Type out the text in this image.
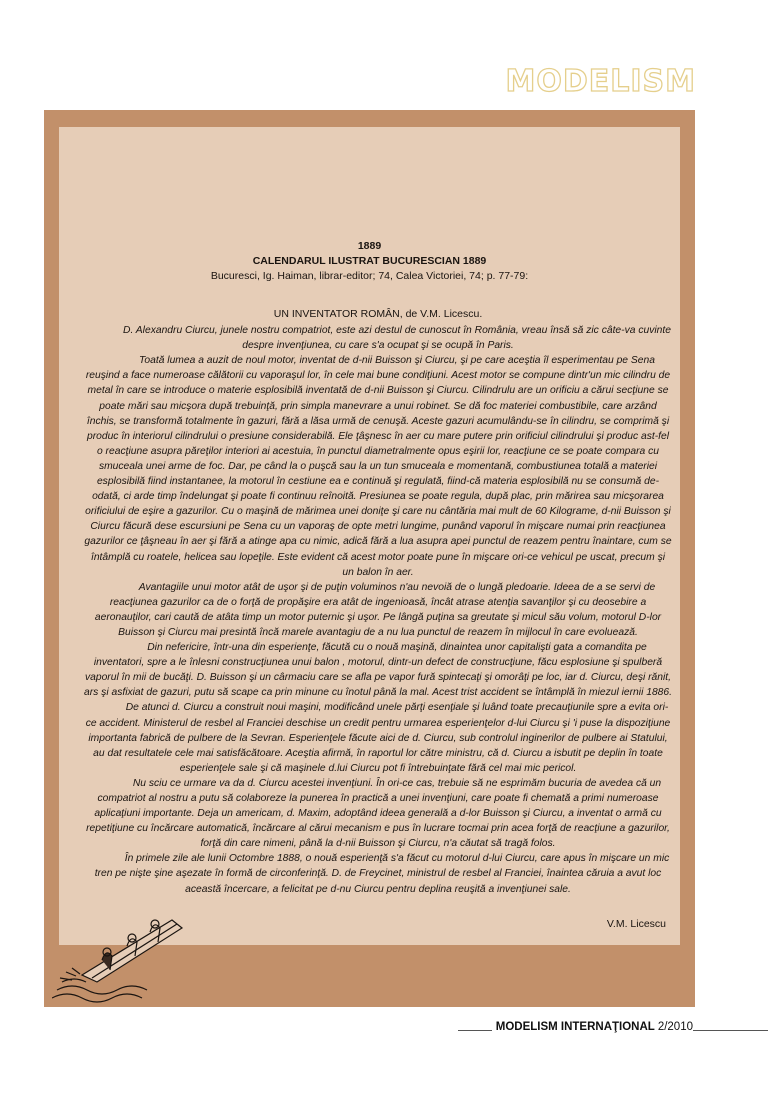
MODELISM
1889
CALENDARUL ILUSTRAT BUCURESCIAN 1889
Bucuresci, Ig. Haiman, librar-editor; 74, Calea Victoriei, 74; p. 77-79:
UN INVENTATOR ROMÂN, de V.M. Licescu.

D. Alexandru Ciurcu, junele nostru compatriot, este azi destul de cunoscut în România, vreau însă să zic câte-va cuvinte despre invenţiunea, cu care s'a ocupat şi se ocupă în Paris.

Toată lumea a auzit de noul motor, inventat de d-nii Buisson şi Ciurcu, şi pe care aceştia îl esperimentau pe Sena reuşind a face numeroase călătorii cu vaporaşul lor, în cele mai bune condiţiuni. Acest motor se compune dintr'un mic cilindru de metal în care se introduce o materie esplosibilă inventată de d-nii Buisson şi Ciurcu. Cilindrulu are un orificiu a cărui secţiune se poate mări sau micşora după trebuinţă, prin simpla manevrare a unui robinet. Se dă foc materiei combustibile, care arzând închis, se transformă totalmente în gazuri, fără a lăsa urmă de cenuşă. Aceste gazuri acumulându-se în cilindru, se comprimă şi produc în interiorul cilindrului o presiune considerabilă. Ele ţâşnesc în aer cu mare putere prin orificiul cilindrului şi produc ast-fel o reacţiune asupra păreţilor interiori ai acestuia, în punctul diametralmente opus eşirii lor, reacţiune ce se poate compara cu smuceala unei arme de foc. Dar, pe când la o puşcă sau la un tun smuceala e momentană, combustiunea totală a materiei esplosibilă fiind instantanee, la motorul în cestiune ea e continuă şi regulată, fiind-că materia esplosibilă nu se consumă de-odată, ci arde timp îndelungat şi poate fi continuu reînoită. Presiunea se poate regula, după plac, prin mărirea sau micşorarea orificiului de eşire a gazurilor. Cu o maşină de mărimea unei doniţe şi care nu cântăria mai mult de 60 Kilograme, d-nii Buisson şi Ciurcu făcură dese escursiuni pe Sena cu un vaporaş de opte metri lungime, punând vaporul în mişcare numai prin reacţiunea gazurilor ce ţâşneau în aer şi fără a atinge apa cu nimic, adică fără a lua asupra apei punctul de reazem pentru înaintare, cum se întâmplă cu roatele, helicea sau lopeţile. Este evident că acest motor poate pune în mişcare ori-ce vehicul pe uscat, precum şi un balon în aer.

Avantagiile unui motor atât de uşor şi de puţin voluminos n'au nevoiă de o lungă pledoarie. Ideea de a se servi de reacţiunea gazurilor ca de o forţă de propăşire era atât de ingenioasă, încât atrase atenţia savanţilor şi cu deosebire a aeronauţilor, cari caută de atâta timp un motor puternic şi uşor. Pe lângă puţina sa greutate şi micul său volum, motorul D-lor Buisson şi Ciurcu mai presintă încă marele avantagiu de a nu lua punctul de reazem în mijlocul în care evoluează.

Din nefericire, într-una din esperienţe, făcută cu o nouă maşină, dinaintea unor capitalişti gata a comandita pe inventatori, spre a le înlesni construcţiunea unui balon , motorul, dintr-un defect de construcţiune, făcu esplosiune şi spulberă vaporul în mii de bucăţi. D. Buisson şi un cârmaciu care se afla pe vapor fură spintecaţi şi omorâţi pe loc, iar d. Ciurcu, deşi rănit, ars şi asfixiat de gazuri, putu să scape ca prin minune cu înotul până la mal. Acest trist accident se întâmplă în miezul iernii 1886.

De atunci d. Ciurcu a construit noui maşini, modificând unele părţi esenţiale şi luând toate precauţiunile spre a evita ori-ce accident. Ministerul de resbel al Franciei deschise un credit pentru urmarea esperienţelor d-lui Ciurcu şi 'i puse la dispoziţiune importanta fabrică de pulbere de la Sevran. Esperienţele făcute aici de d. Ciurcu, sub controlul inginerilor de pulbere ai Statului, au dat resultatele cele mai satisfăcătoare. Aceştia afirmă, în raportul lor către ministru, că d. Ciurcu a isbutit pe deplin în toate esperienţele sale şi că maşinele d.lui Ciurcu pot fi întrebuinţate fără cel mai mic pericol.

Nu sciu ce urmare va da d. Ciurcu acestei invenţiuni. În ori-ce cas, trebuie să ne esprimăm bucuria de avedea că un compatriot al nostru a putu să colaboreze la punerea în practică a unei invenţiuni, care poate fi chemată a primi numeroase aplicaţiuni importante. Deja un americam, d. Maxim, adoptând ideea generală a d-lor Buisson şi Ciurcu, a inventat o armă cu repetiţiune cu încărcare automatică, încărcare al cărui mecanism e pus în lucrare tocmai prin acea forţă de reacţiune a gazurilor, forţă din care nimeni, până la d-nii Buisson şi Ciurcu, n'a căutat să tragă folos.

În primele zile ale lunii Octombre 1888, o nouă esperienţă s'a făcut cu motorul d-lui Ciurcu, care apus în mişcare un mic tren pe nişte şine aşezate în formă de circonferinţă. D. de Freycinet, ministrul de resbel al Franciei, înaintea căruia a avut loc această încercare, a felicitat pe d-nu Ciurcu pentru deplina reuşită a invenţiunei sale.

V.M. Licescu
MODELISM INTERNAŢIONAL 2/2010
